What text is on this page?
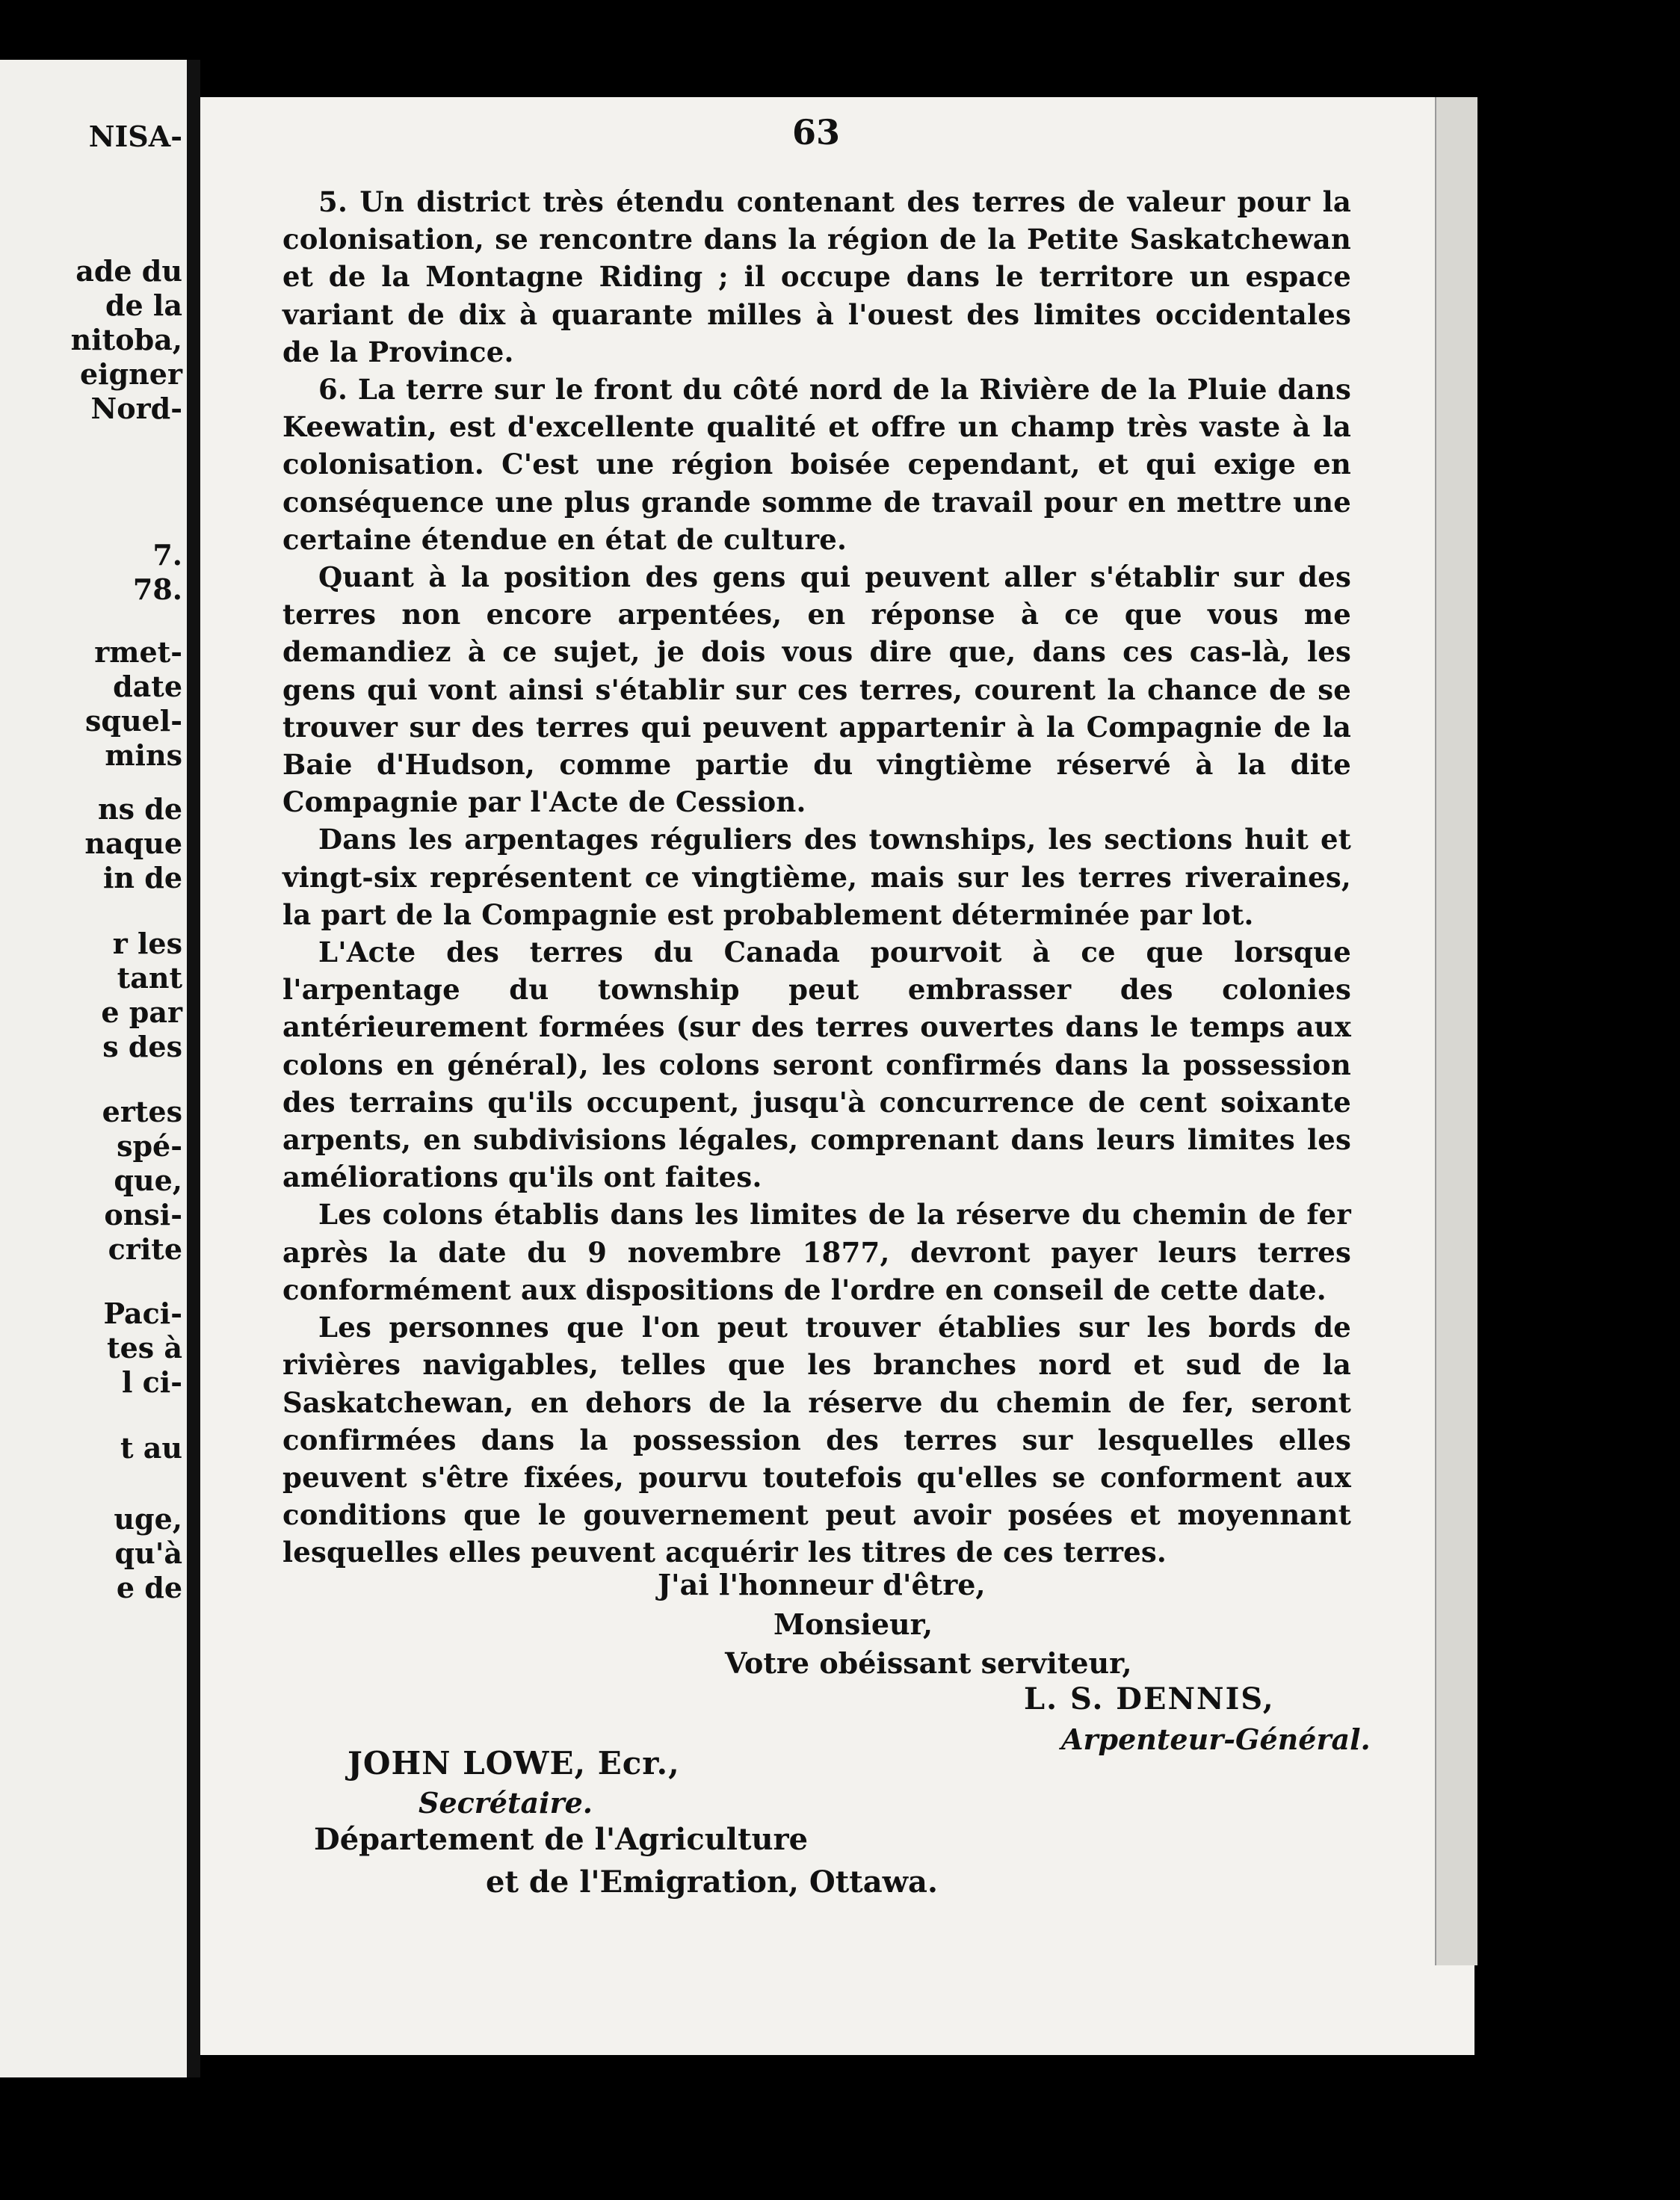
NISA-
ade du
de la
nitoba,
eigner
Nord-
7.
78.
rmet-
date
squel-
mins
ns de
naque
in de
r les
tant
e par
s des
ertes
spé-
que,
onsi-
crite
Paci-
tes à
l ci-
t au
uge,
qu'à
e de
63

5. Un district très étendu contenant des terres de valeur pour la colonisation, se rencontre dans la région de la Petite Saskatchewan et de la Montagne Riding ; il occupe dans le territore un espace variant de dix à quarante milles à l'ouest des limites occidentales de la Province.

6. La terre sur le front du côté nord de la Rivière de la Pluie dans Keewatin, est d'excellente qualité et offre un champ très vaste à la colonisation. C'est une région boisée cependant, et qui exige en conséquence une plus grande somme de travail pour en mettre une certaine étendue en état de culture.

Quant à la position des gens qui peuvent aller s'établir sur des terres non encore arpentées, en réponse à ce que vous me demandiez à ce sujet, je dois vous dire que, dans ces cas-là, les gens qui vont ainsi s'établir sur ces terres, courent la chance de se trouver sur des terres qui peuvent appartenir à la Compagnie de la Baie d'Hudson, comme partie du vingtième réservé à la dite Compagnie par l'Acte de Cession.

Dans les arpentages réguliers des townships, les sections huit et vingt-six représentent ce vingtième, mais sur les terres riveraines, la part de la Compagnie est probablement déterminée par lot.

L'Acte des terres du Canada pourvoit à ce que lorsque l'arpentage du township peut embrasser des colonies antérieurement formées (sur des terres ouvertes dans le temps aux colons en général), les colons seront confirmés dans la possession des terrains qu'ils occupent, jusqu'à concurrence de cent soixante arpents, en subdivisions légales, comprenant dans leurs limites les améliorations qu'ils ont faites.

Les colons établis dans les limites de la réserve du chemin de fer après la date du 9 novembre 1877, devront payer leurs terres conformément aux dispositions de l'ordre en conseil de cette date.

Les personnes que l'on peut trouver établies sur les bords de rivières navigables, telles que les branches nord et sud de la Saskatchewan, en dehors de la réserve du chemin de fer, seront confirmées dans la possession des terres sur lesquelles elles peuvent s'être fixées, pourvu toutefois qu'elles se conforment aux conditions que le gouvernement peut avoir posées et moyennant lesquelles elles peuvent acquérir les titres de ces terres.

J'ai l'honneur d'être,
Monsieur,
Votre obéissant serviteur,
L. S. DENNIS,
Arpenteur-Général.
JOHN LOWE, Ecr.,
Secrétaire.
Département de l'Agriculture
et de l'Emigration, Ottawa.
